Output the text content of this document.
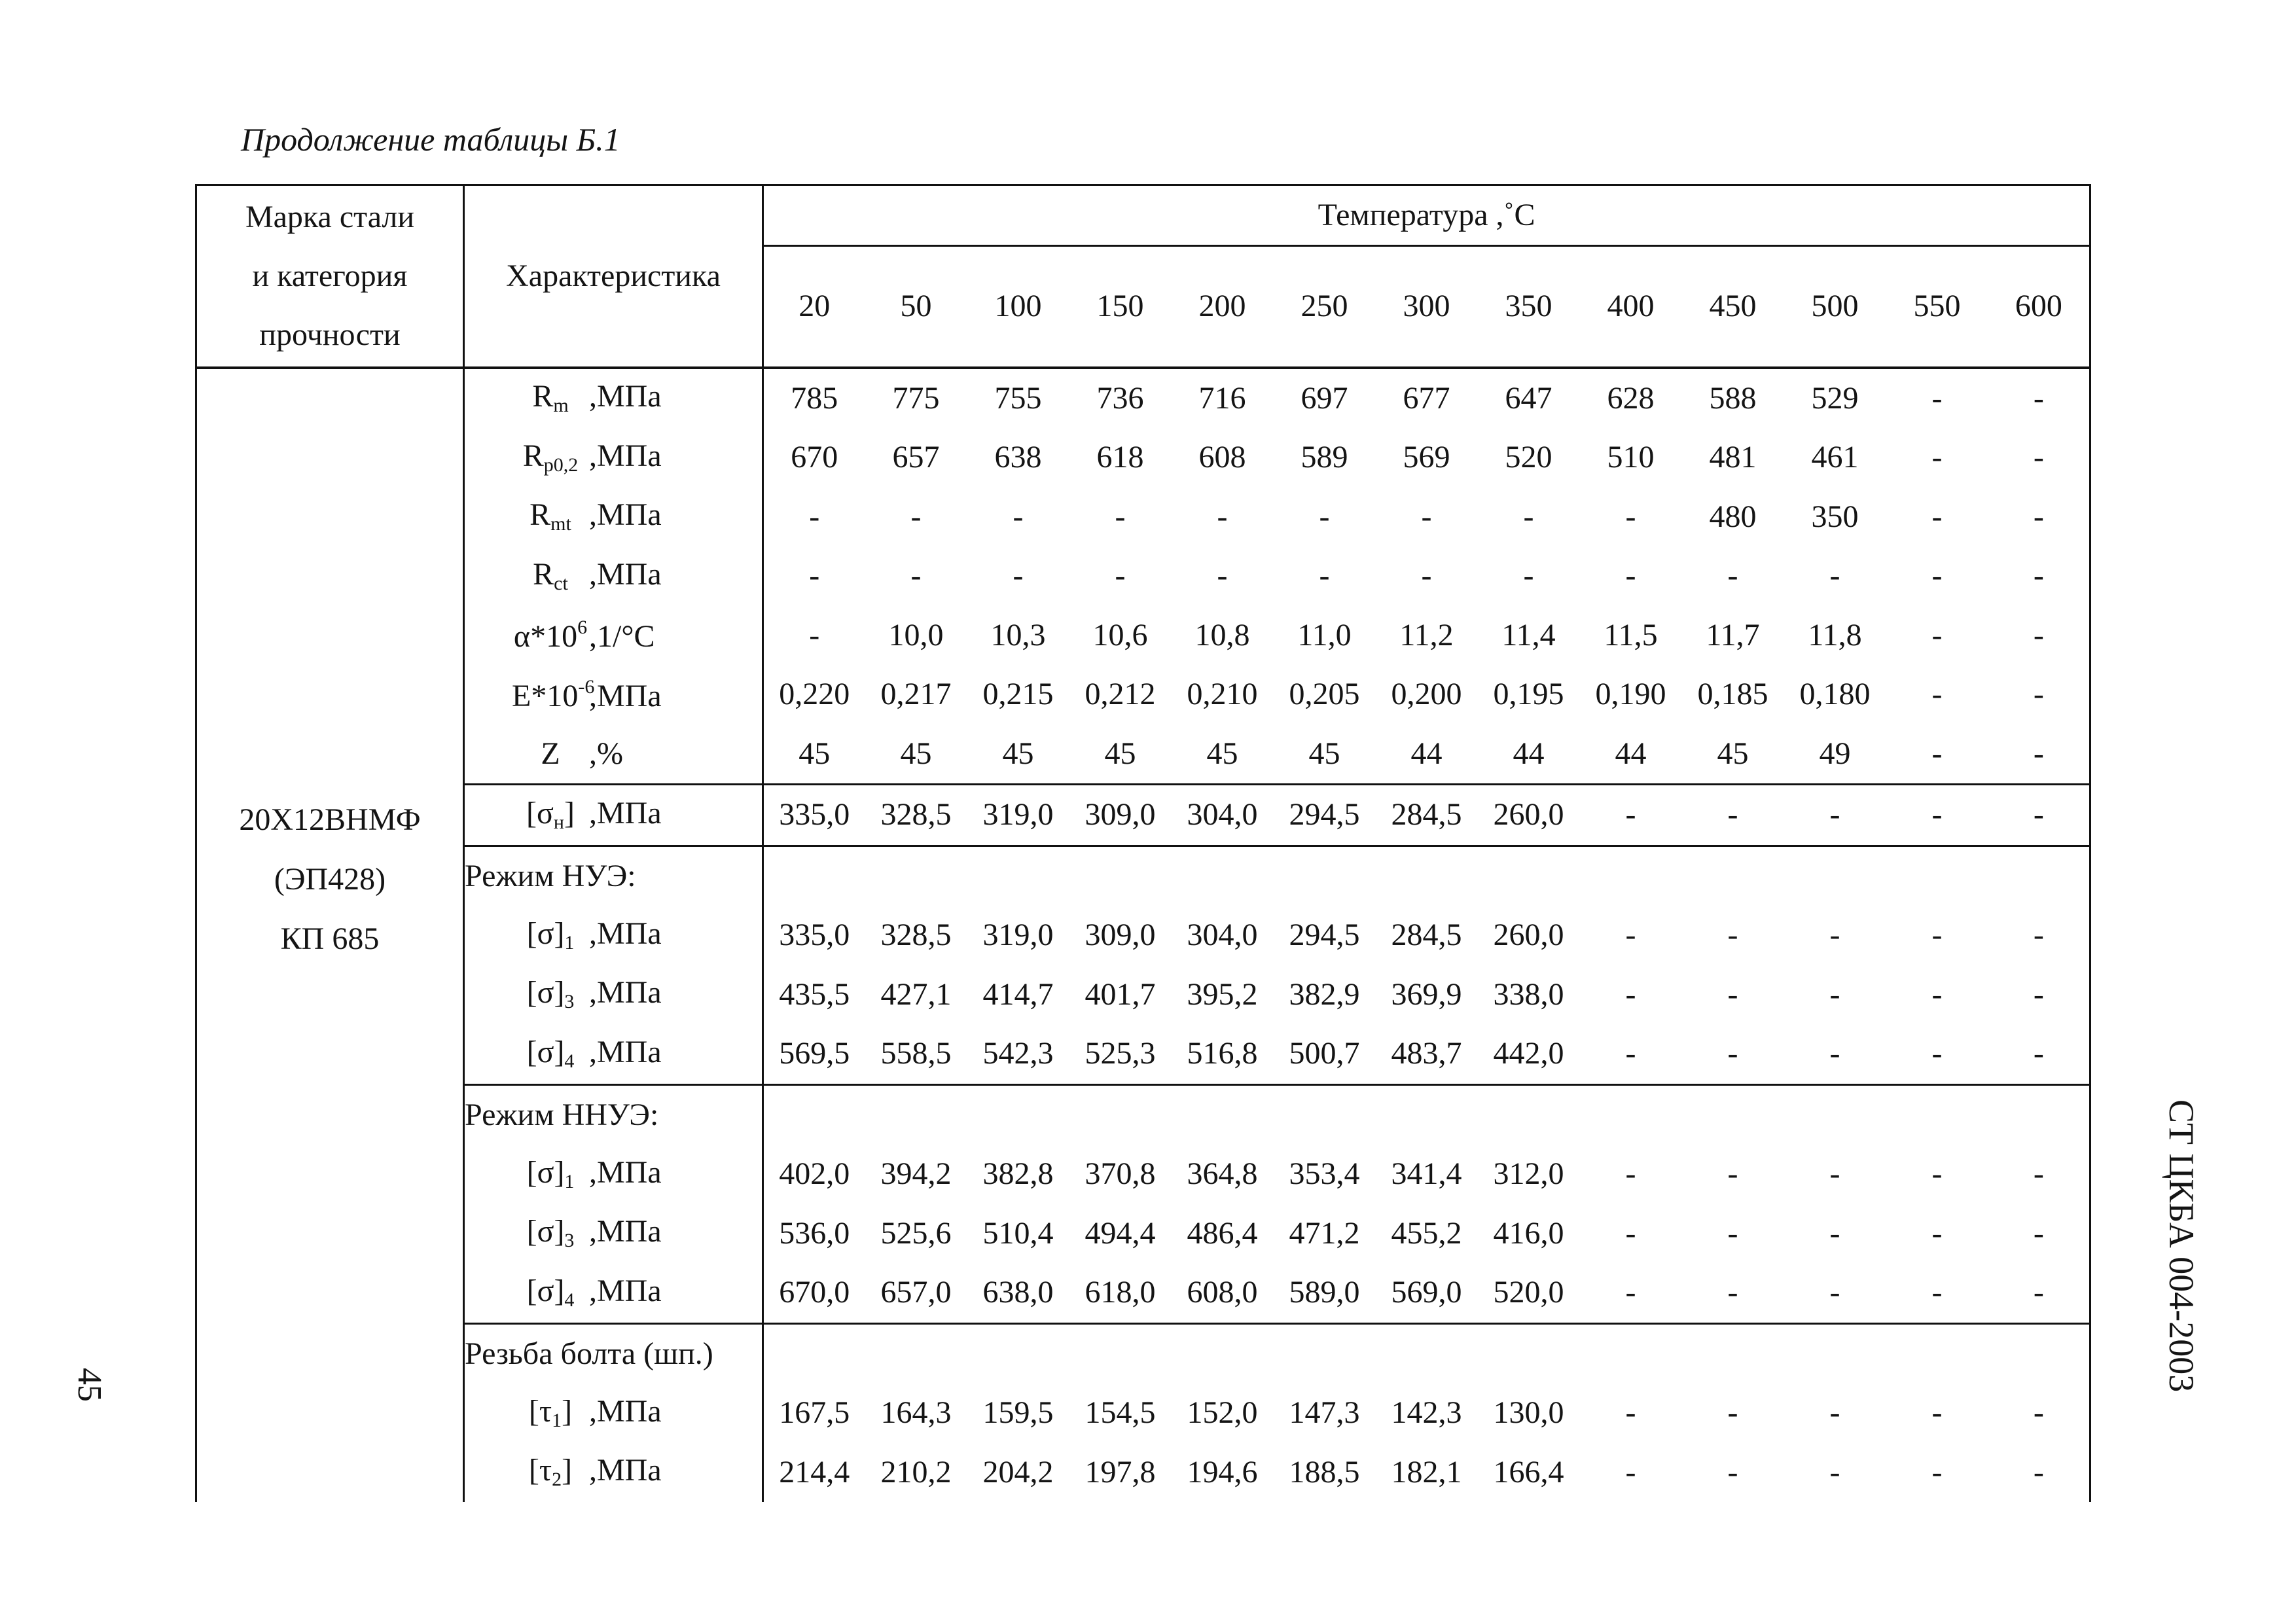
Продолжение таблицы Б.1
Марка стали
и категория
прочности	Характеристика	Температура ,˚С												
		20	50	100	150	200	250	300	350	400	450	500	550	600

20Х12ВНМФ
(ЭП428)
КП 685	$R_m$ ,МПа	785	775	755	736	716	697	677	647	628	588	529	-	-
	$R_{p0,2}$ ,МПа	670	657	638	618	608	589	569	520	510	481	461	-	-
	$R_{mt}$ ,МПа	-	-	-	-	-	-	-	-	-	480	350	-	-
	$R_{ct}$ ,МПа	-	-	-	-	-	-	-	-	-	-	-	-	-
	$\alpha*10^6,1/^\circ С$	-	10,0	10,3	10,6	10,8	11,0	11,2	11,4	11,5	11,7	11,8	-	-
	$E*10^{-6},МПа$	0,220	0,217	0,215	0,212	0,210	0,205	0,200	0,195	0,190	0,185	0,180	-	-
	Z ,%	45	45	45	45	45	45	44	44	44	45	49	-	-
	$[\sigma_н]$ ,МПа	335,0	328,5	319,0	309,0	304,0	294,5	284,5	260,0	-	-	-	-	-
	Режим НУЭ:													
	$[\sigma]_1$ ,МПа	335,0	328,5	319,0	309,0	304,0	294,5	284,5	260,0	-	-	-	-	-
	$[\sigma]_3$ ,МПа	435,5	427,1	414,7	401,7	395,2	382,9	369,9	338,0	-	-	-	-	-
	$[\sigma]_4$ ,МПа	569,5	558,5	542,3	525,3	516,8	500,7	483,7	442,0	-	-	-	-	-
	Режим ННУЭ:													
	$[\sigma]_1$ ,МПа	402,0	394,2	382,8	370,8	364,8	353,4	341,4	312,0	-	-	-	-	-
	$[\sigma]_3$ ,МПа	536,0	525,6	510,4	494,4	486,4	471,2	455,2	416,0	-	-	-	-	-
	$[\sigma]_4$ ,МПа	670,0	657,0	638,0	618,0	608,0	589,0	569,0	520,0	-	-	-	-	-
	Резьба болта (шп.)													
	$[\tau_1]$ ,МПа	167,5	164,3	159,5	154,5	152,0	147,3	142,3	130,0	-	-	-	-	-
	$[\tau_2]$ ,МПа	214,4	210,2	204,2	197,8	194,6	188,5	182,1	166,4	-	-	-	-	-
45	СТ ЦКБА 004-2003
